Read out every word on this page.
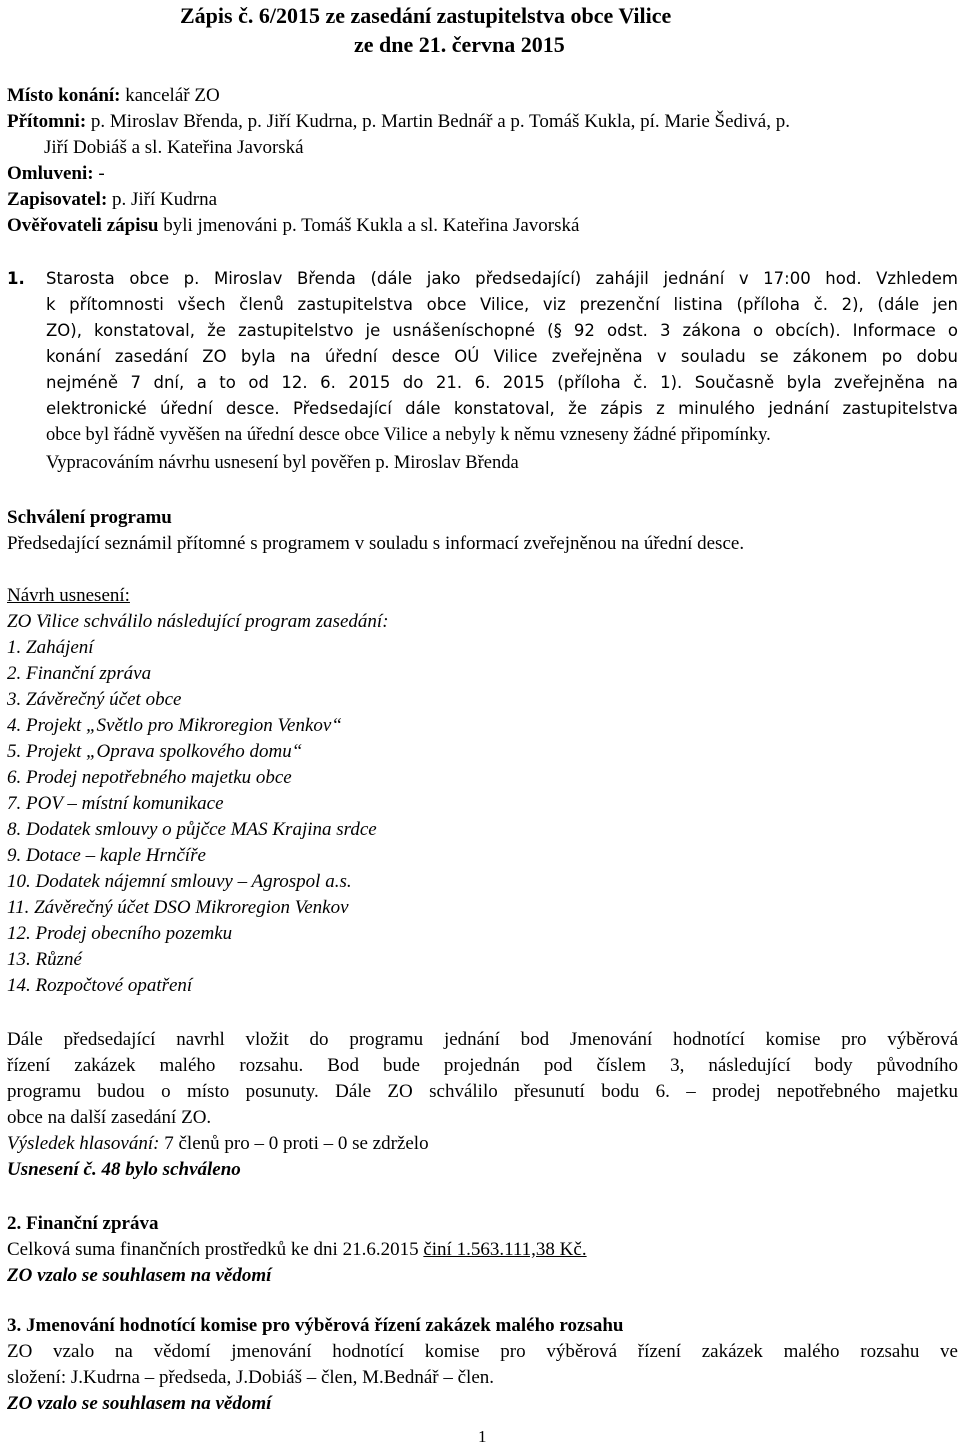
Zápis č. 6/2015 ze zasedání zastupitelstva obce Vilice
ze dne 21. června 2015
Místo konání: kancelář ZO
Přítomni: p. Miroslav Břenda, p. Jiří Kudrna, p. Martin Bednář a p. Tomáš Kukla, pí. Marie Šedivá, p.
Jiří Dobiáš a sl. Kateřina Javorská
Omluveni: -
Zapisovatel: p. Jiří Kudrna
Ověřovateli zápisu byli jmenováni p. Tomáš Kukla a sl. Kateřina Javorská
1. Starosta obce p. Miroslav Břenda (dále jako předsedající) zahájil jednání v 17:00 hod. Vzhledem
k přítomnosti všech členů zastupitelstva obce Vilice, viz prezenční listina (příloha č. 2), (dále jen
ZO), konstatoval, že zastupitelstvo je usnášeníschopné (§ 92 odst. 3 zákona o obcích). Informace o
konání zasedání ZO byla na úřední desce OÚ Vilice zveřejněna v souladu se zákonem po dobu
nejméně 7 dní, a to od 12. 6. 2015 do 21. 6. 2015 (příloha č. 1). Současně byla zveřejněna na
elektronické úřední desce. Předsedající dále konstatoval, že zápis z minulého jednání zastupitelstva
obce byl řádně vyvěšen na úřední desce obce Vilice a nebyly k němu vzneseny žádné připomínky.
Vypracováním návrhu usnesení byl pověřen p. Miroslav Břenda
Schválení programu
Předsedající seznámil přítomné s programem v souladu s informací zveřejněnou na úřední desce.
Návrh usnesení:
ZO Vilice schválilo následující program zasedání:
1. Zahájení
2. Finanční zpráva
3. Závěrečný účet obce
4. Projekt „Světlo pro Mikroregion Venkov“
5. Projekt „Oprava spolkového domu“
6. Prodej nepotřebného majetku obce
7. POV – místní komunikace
8. Dodatek smlouvy o půjčce MAS Krajina srdce
9. Dotace – kaple Hrnčíře
10. Dodatek nájemní smlouvy – Agrospol a.s.
11. Závěrečný účet DSO Mikroregion Venkov
12. Prodej obecního pozemku
13. Různé
14. Rozpočtové opatření
Dále předsedající navrhl vložit do programu jednání bod Jmenování hodnotící komise pro výběrová
řízení zakázek malého rozsahu. Bod bude projednán pod číslem 3, následující body původního
programu budou o místo posunuty. Dále ZO schválilo přesunutí bodu 6. – prodej nepotřebného majetku
obce na další zasedání ZO.
Výsledek hlasování: 7 členů pro – 0 proti – 0 se zdrželo
Usnesení č. 48 bylo schváleno
2. Finanční zpráva
Celková suma finančních prostředků ke dni 21.6.2015 činí 1.563.111,38 Kč.
ZO vzalo se souhlasem na vědomí
3. Jmenování hodnotící komise pro výběrová řízení zakázek malého rozsahu
ZO vzalo na vědomí jmenování hodnotící komise pro výběrová řízení zakázek malého rozsahu ve
složení: J.Kudrna – předseda, J.Dobiáš – člen, M.Bednář – člen.
ZO vzalo se souhlasem na vědomí
1
